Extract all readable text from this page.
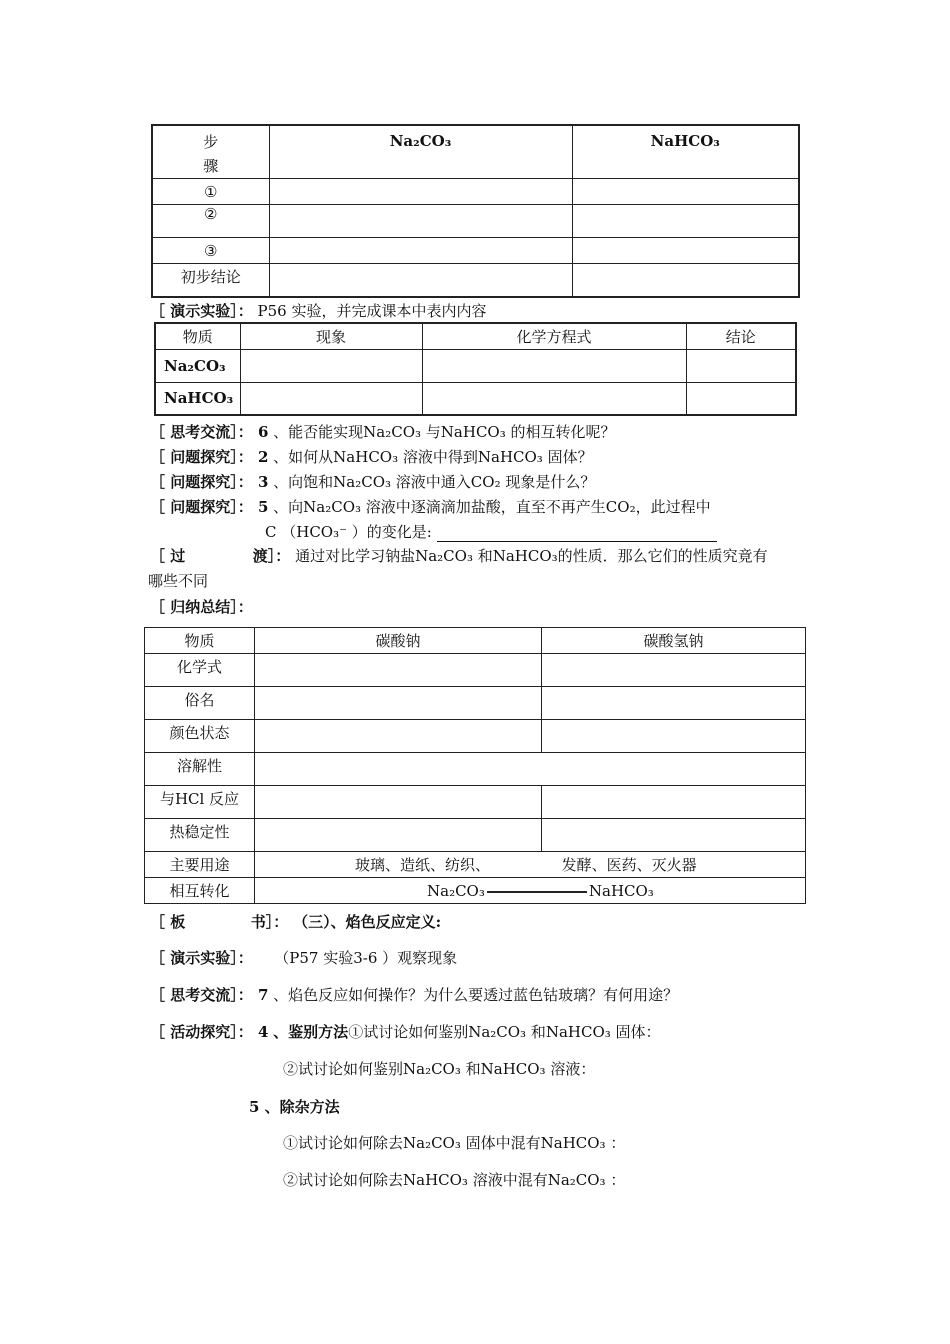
步
骤	Na₂CO₃	NaHCO₃
①		
②		
③		
初步结论		
［ 演示实验］： P56 实验，并完成课本中表内内容
物质	现象	化学方程式	结论
Na₂CO₃			
NaHCO₃			
［ 思考交流］： 6 、能否能实现Na₂CO₃ 与NaHCO₃ 的相互转化呢？
［ 问题探究］： 2 、如何从NaHCO₃ 溶液中得到NaHCO₃ 固体？
［ 问题探究］： 3 、向饱和Na₂CO₃ 溶液中通入CO₂ 现象是什么？
［ 问题探究］： 5 、向Na₂CO₃ 溶液中逐滴滴加盐酸，直至不再产生CO₂，此过程中
C （HCO₃⁻ ）的变化是:
［ 过	渡］： 通过对比学习钠盐Na₂CO₃ 和NaHCO₃的性质．那么它们的性质究竟有
哪些不同
［ 归纳总结］：
物质	碳酸钠	碳酸氢钠
化学式		
俗名		
颜色状态		
溶解性		
与HCl 反应		
热稳定性		
主要用途	玻璃、造纸、纺织、 发酵、医药、灭火器	
相互转化	Na₂CO₃ NaHCO₃	
［ 板	书］： （三）、焰色反应定义:
［ 演示实验］： （P57 实验3-6 ）观察现象
［ 思考交流］： 7 、焰色反应如何操作？为什么要透过蓝色钴玻璃？有何用途？
［ 活动探究］： 4 、鉴别方法①试讨论如何鉴别Na₂CO₃ 和NaHCO₃ 固体：
②试讨论如何鉴别Na₂CO₃ 和NaHCO₃ 溶液：
5 、除杂方法
①试讨论如何除去Na₂CO₃ 固体中混有NaHCO₃ ：
②试讨论如何除去NaHCO₃ 溶液中混有Na₂CO₃ ：
